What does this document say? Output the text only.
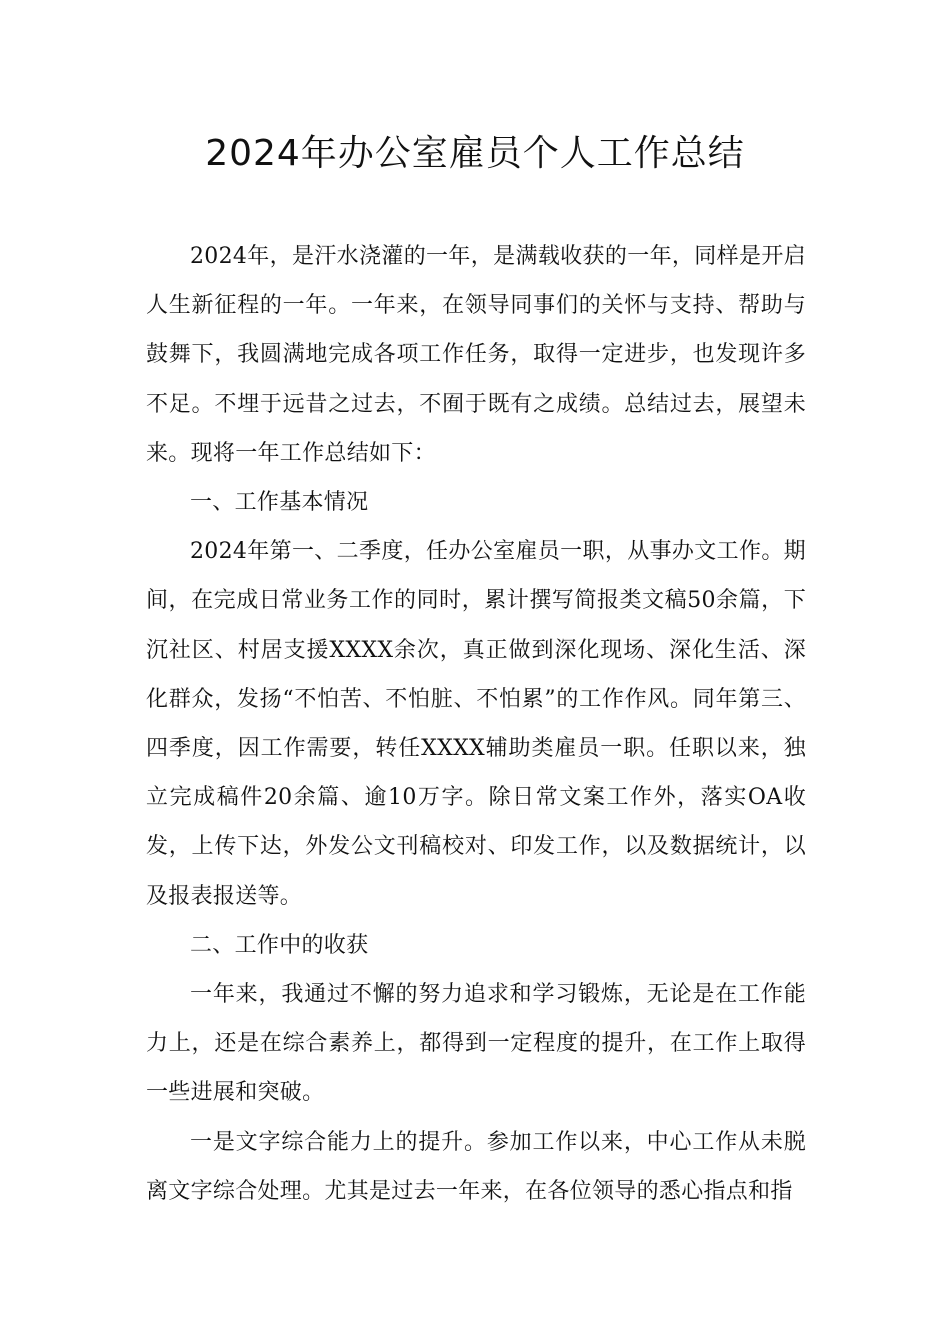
2024年办公室雇员个人工作总结

2024年，是汗水浇灌的一年，是满载收获的一年，同样是开启人生新征程的一年。一年来，在领导同事们的关怀与支持、帮助与鼓舞下，我圆满地完成各项工作任务，取得一定进步，也发现许多不足。不埋于远昔之过去，不囿于既有之成绩。总结过去，展望未来。现将一年工作总结如下：

一、工作基本情况

2024年第一、二季度，任办公室雇员一职，从事办文工作。期间，在完成日常业务工作的同时，累计撰写简报类文稿50余篇，下沉社区、村居支援XXXX余次，真正做到深化现场、深化生活、深化群众，发扬“不怕苦、不怕脏、不怕累”的工作作风。同年第三、四季度，因工作需要，转任XXXX辅助类雇员一职。任职以来，独立完成稿件20余篇、逾10万字。除日常文案工作外，落实OA收发，上传下达，外发公文刊稿校对、印发工作，以及数据统计，以及报表报送等。

二、工作中的收获

一年来，我通过不懈的努力追求和学习锻炼，无论是在工作能力上，还是在综合素养上，都得到一定程度的提升，在工作上取得一些进展和突破。

一是文字综合能力上的提升。参加工作以来，中心工作从未脱离文字综合处理。尤其是过去一年来，在各位领导的悉心指点和指
